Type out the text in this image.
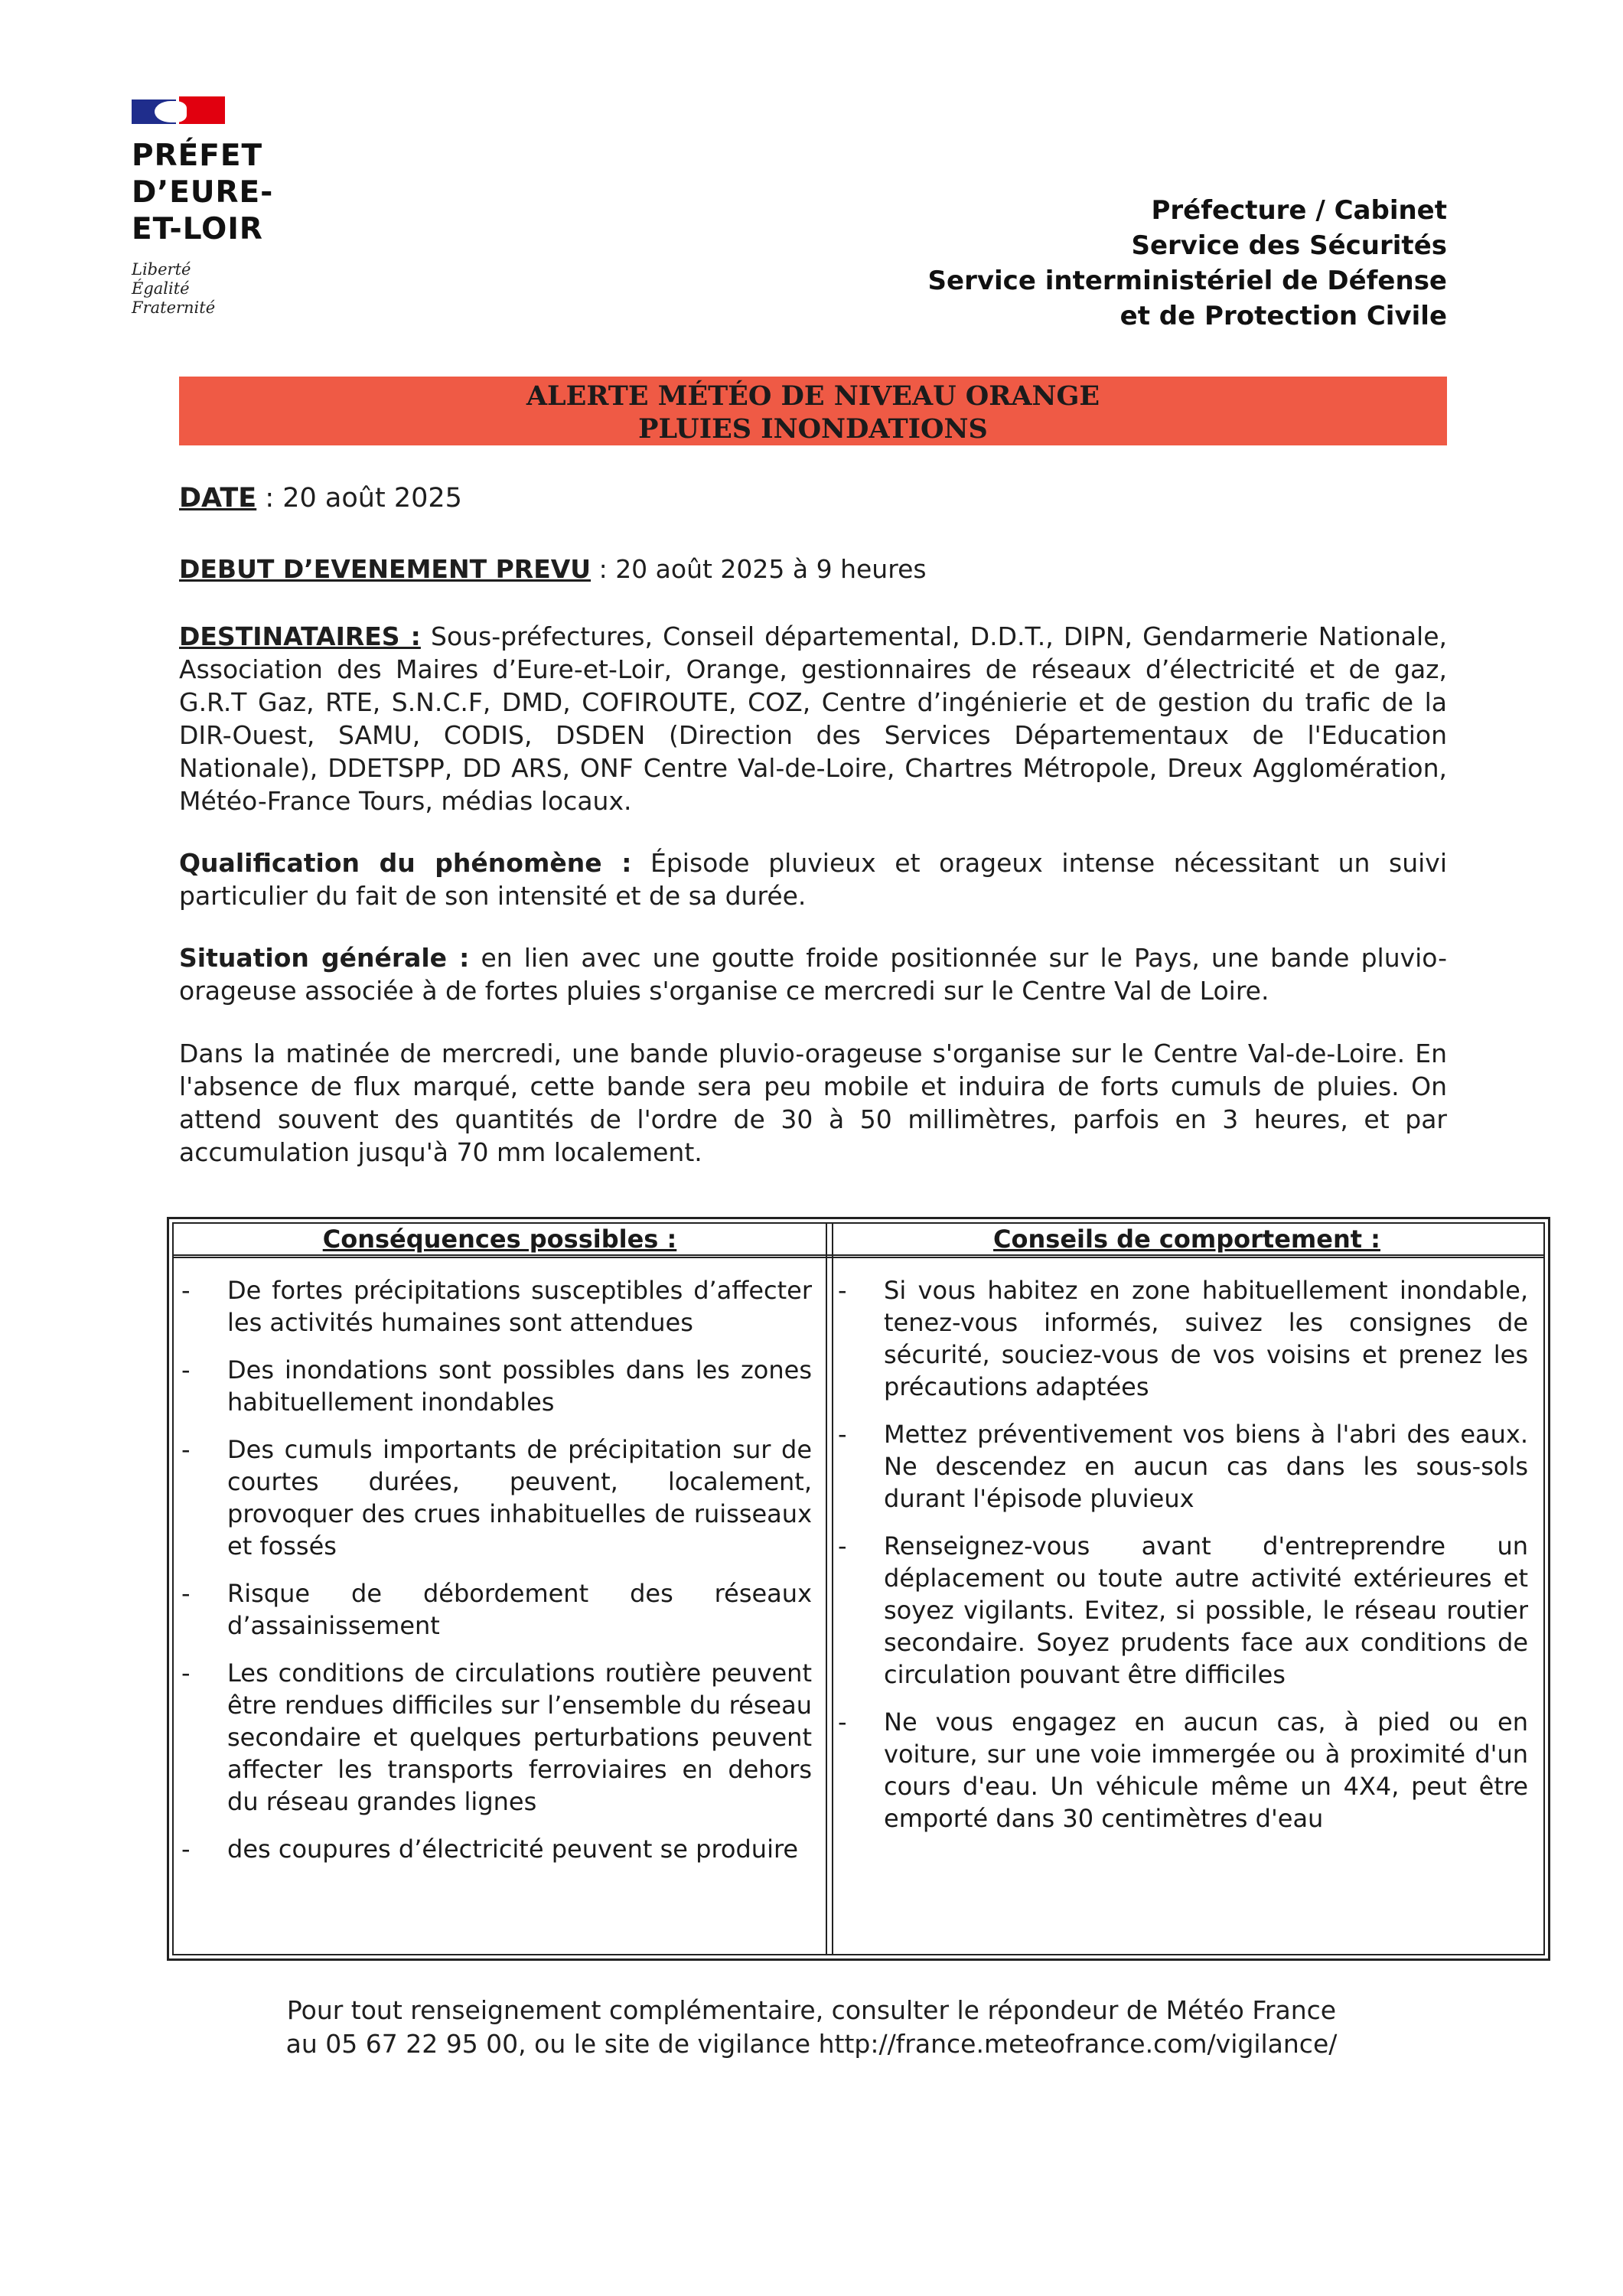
PRÉFET
D’EURE-
ET-LOIR
Liberté
Égalité
Fraternité
Préfecture / Cabinet
Service des Sécurités
Service interministériel de Défense
et de Protection Civile
ALERTE MÉTÉO DE NIVEAU ORANGE
PLUIES INONDATIONS
DATE : 20 août 2025
DEBUT D’EVENEMENT PREVU : 20 août 2025 à 9 heures
DESTINATAIRES : Sous-préfectures, Conseil départemental, D.D.T., DIPN, Gendarmerie Nationale, Association des Maires d’Eure-et-Loir, Orange, gestionnaires de réseaux d’électricité et de gaz, G.R.T Gaz, RTE, S.N.C.F, DMD, COFIROUTE, COZ, Centre d’ingénierie et de gestion du trafic de la DIR-Ouest, SAMU, CODIS, DSDEN (Direction des Services Départementaux de l'Education Nationale), DDETSPP, DD ARS, ONF Centre Val-de-Loire, Chartres Métropole, Dreux Agglomération, Météo-France Tours, médias locaux.
Qualification du phénomène : Épisode pluvieux et orageux intense nécessitant un suivi particulier du fait de son intensité et de sa durée.
Situation générale : en lien avec une goutte froide positionnée sur le Pays, une bande pluvio-orageuse associée à de fortes pluies s'organise ce mercredi sur le Centre Val de Loire.
Dans la matinée de mercredi, une bande pluvio-orageuse s'organise sur le Centre Val-de-Loire. En l'absence de flux marqué, cette bande sera peu mobile et induira de forts cumuls de pluies. On attend souvent des quantités de l'ordre de 30 à 50 millimètres, parfois en 3 heures, et par accumulation jusqu'à 70 mm localement.
Conséquences possibles :	Conseils de comportement :
- De fortes précipitations susceptibles d’affecter les activités humaines sont attendues
- Des inondations sont possibles dans les zones habituellement inondables
- Des cumuls importants de précipitation sur de courtes durées, peuvent, localement, provoquer des crues inhabituelles de ruisseaux et fossés
- Risque de débordement des réseaux d’assainissement
- Les conditions de circulations routière peuvent être rendues difficiles sur l’ensemble du réseau secondaire et quelques perturbations peuvent affecter les transports ferroviaires en dehors du réseau grandes lignes
- des coupures d’électricité peuvent se produire
- Si vous habitez en zone habituellement inondable, tenez-vous informés, suivez les consignes de sécurité, souciez-vous de vos voisins et prenez les précautions adaptées
- Mettez préventivement vos biens à l'abri des eaux. Ne descendez en aucun cas dans les sous-sols durant l'épisode pluvieux
- Renseignez-vous avant d'entreprendre un déplacement ou toute autre activité extérieures et soyez vigilants. Evitez, si possible, le réseau routier secondaire. Soyez prudents face aux conditions de circulation pouvant être difficiles
- Ne vous engagez en aucun cas, à pied ou en voiture, sur une voie immergée ou à proximité d'un cours d'eau. Un véhicule même un 4X4, peut être emporté dans 30 centimètres d'eau
Pour tout renseignement complémentaire, consulter le répondeur de Météo France
au 05 67 22 95 00, ou le site de vigilance http://france.meteofrance.com/vigilance/
